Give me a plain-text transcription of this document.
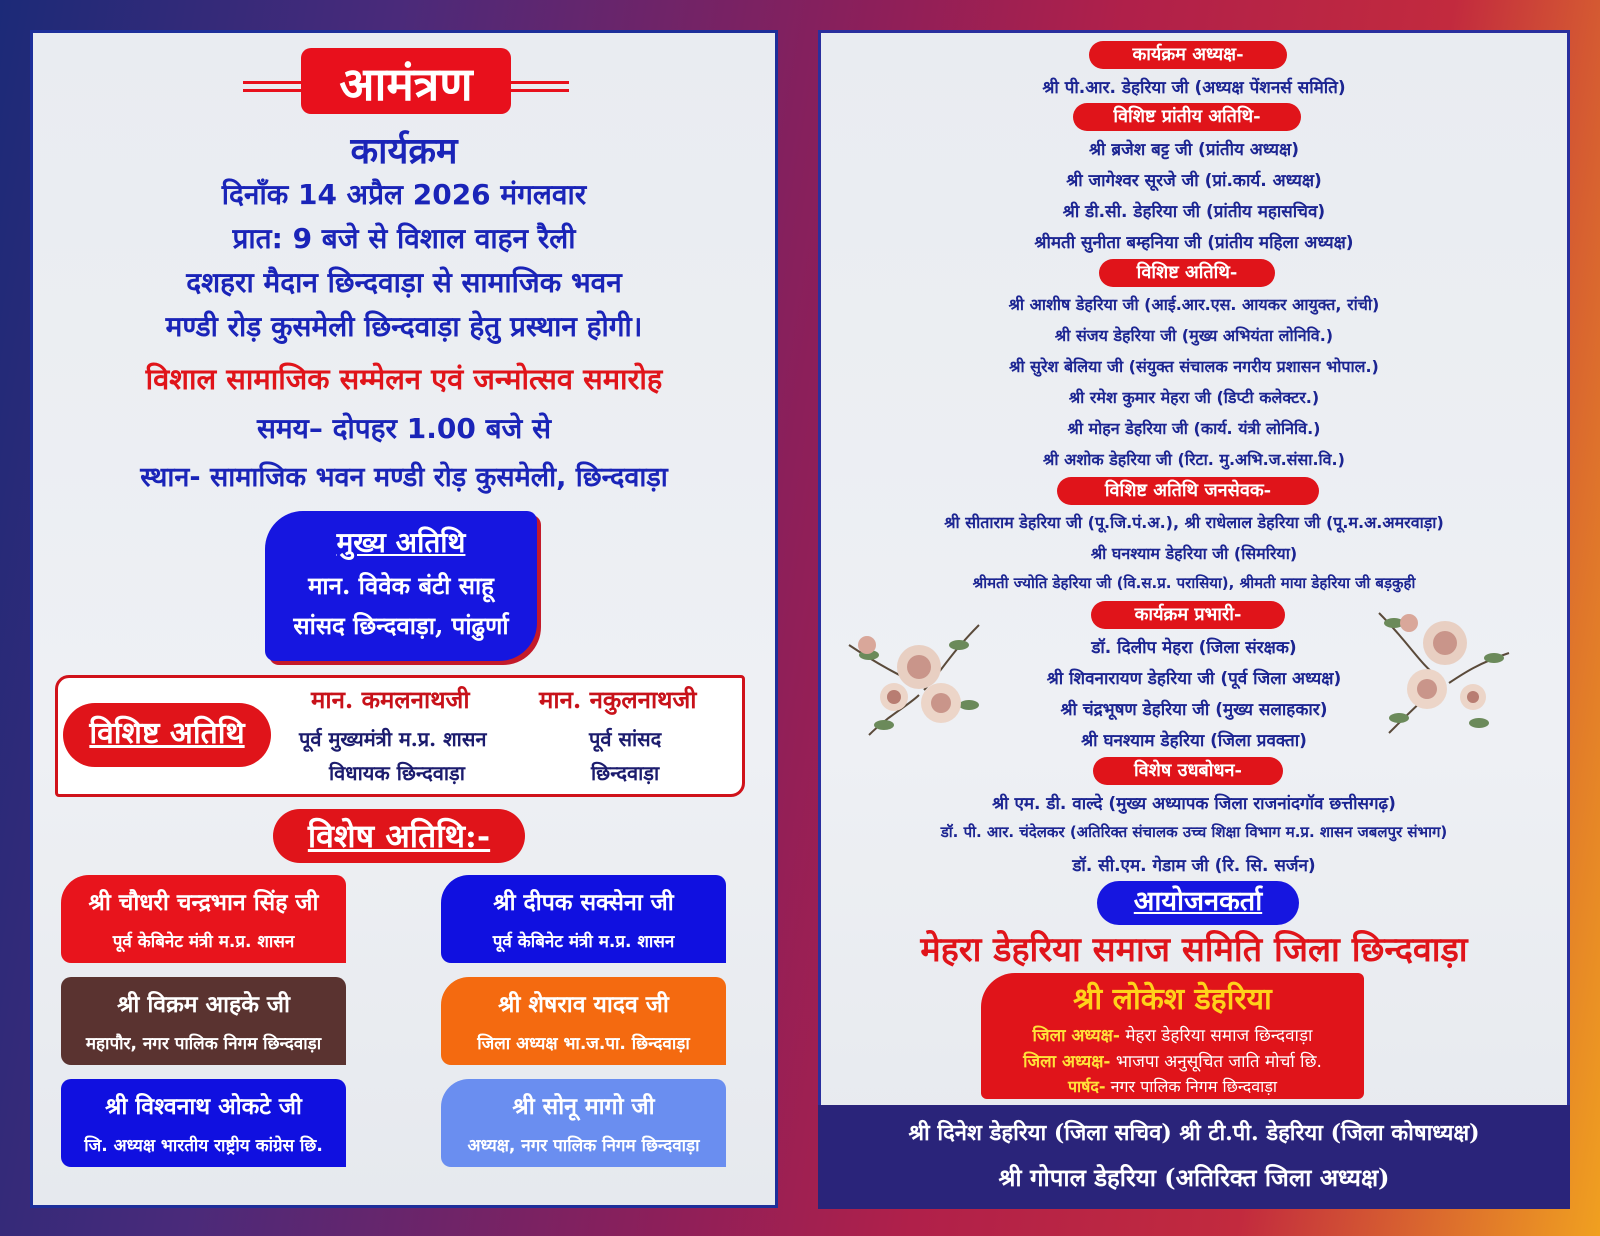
आमंत्रण
कार्यक्रम
दिनाँक 14 अप्रैल 2026 मंगलवार
प्रात: 9 बजे से विशाल वाहन रैली
दशहरा मैदान छिन्दवाड़ा से सामाजिक भवन
मण्डी रोड़ कुसमेली छिन्दवाड़ा हेतु प्रस्थान होगी।
विशाल सामाजिक सम्मेलन एवं जन्मोत्सव समारोह
समय– दोपहर 1.00 बजे से
स्थान- सामाजिक भवन मण्डी रोड़ कुसमेली, छिन्दवाड़ा
मुख्य अतिथि
मान. विवेक बंटी साहू
सांसद छिन्दवाड़ा, पांढुर्णा
विशिष्ट अतिथि
मान. कमलनाथजी
पूर्व मुख्यमंत्री म.प्र. शासन
विधायक छिन्दवाड़ा
मान. नकुलनाथजी
पूर्व सांसद
छिन्दवाड़ा
विशेष अतिथि:-
श्री चौधरी चन्द्रभान सिंह जी
पूर्व केबिनेट मंत्री म.प्र. शासन
श्री दीपक सक्सेना जी
पूर्व केबिनेट मंत्री म.प्र. शासन
श्री विक्रम आहके जी
महापौर, नगर पालिक निगम छिन्दवाड़ा
श्री शेषराव यादव जी
जिला अध्यक्ष भा.ज.पा. छिन्दवाड़ा
श्री विश्वनाथ ओकटे जी
जि. अध्यक्ष भारतीय राष्ट्रीय कांग्रेस छि.
श्री सोनू मागो जी
अध्यक्ष, नगर पालिक निगम छिन्दवाड़ा
कार्यक्रम अध्यक्ष-
श्री पी.आर. डेहरिया जी (अध्यक्ष पेंशनर्स समिति)
विशिष्ट प्रांतीय अतिथि-
श्री ब्रजेश बट्ट जी (प्रांतीय अध्यक्ष)
श्री जागेश्वर सूरजे जी (प्रां.कार्य. अध्यक्ष)
श्री डी.सी. डेहरिया जी (प्रांतीय महासचिव)
श्रीमती सुनीता बम्हनिया जी (प्रांतीय महिला अध्यक्ष)
विशिष्ट अतिथि-
श्री आशीष डेहरिया जी (आई.आर.एस. आयकर आयुक्त, रांची)
श्री संजय डेहरिया जी (मुख्य अभियंता लोनिवि.)
श्री सुरेश बेलिया जी (संयुक्त संचालक नगरीय प्रशासन भोपाल.)
श्री रमेश कुमार मेहरा जी (डिप्टी कलेक्टर.)
श्री मोहन डेहरिया जी (कार्य. यंत्री लोनिवि.)
श्री अशोक डेहरिया जी (रिटा. मु.अभि.ज.संसा.वि.)
विशिष्ट अतिथि जनसेवक-
श्री सीताराम डेहरिया जी (पू.जि.पं.अ.), श्री राधेलाल डेहरिया जी (पू.म.अ.अमरवाड़ा)
श्री घनश्याम डेहरिया जी (सिमरिया)
श्रीमती ज्योति डेहरिया जी (वि.स.प्र. परासिया), श्रीमती माया डेहरिया जी बड़कुही
कार्यक्रम प्रभारी-
डॉ. दिलीप मेहरा (जिला संरक्षक)
श्री शिवनारायण डेहरिया जी (पूर्व जिला अध्यक्ष)
श्री चंद्रभूषण डेहरिया जी (मुख्य सलाहकार)
श्री घनश्याम डेहरिया (जिला प्रवक्ता)
विशेष उधबोधन-
श्री एम. डी. वाल्दे (मुख्य अध्यापक जिला राजनांदगॉव छत्तीसगढ़)
डॉ. पी. आर. चंदेलकर (अतिरिक्त संचालक उच्च शिक्षा विभाग म.प्र. शासन जबलपुर संभाग)
डॉ. सी.एम. गेडाम जी (रि. सि. सर्जन)
आयोजनकर्ता
मेहरा डेहरिया समाज समिति जिला छिन्दवाड़ा
श्री लोकेश डेहरिया
जिला अध्यक्ष- मेहरा डेहरिया समाज छिन्दवाड़ा
जिला अध्यक्ष- भाजपा अनुसूचित जाति मोर्चा छि.
पार्षद- नगर पालिक निगम छिन्दवाड़ा
श्री दिनेश डेहरिया (जिला सचिव) श्री टी.पी. डेहरिया (जिला कोषाध्यक्ष)
श्री गोपाल डेहरिया (अतिरिक्त जिला अध्यक्ष)
